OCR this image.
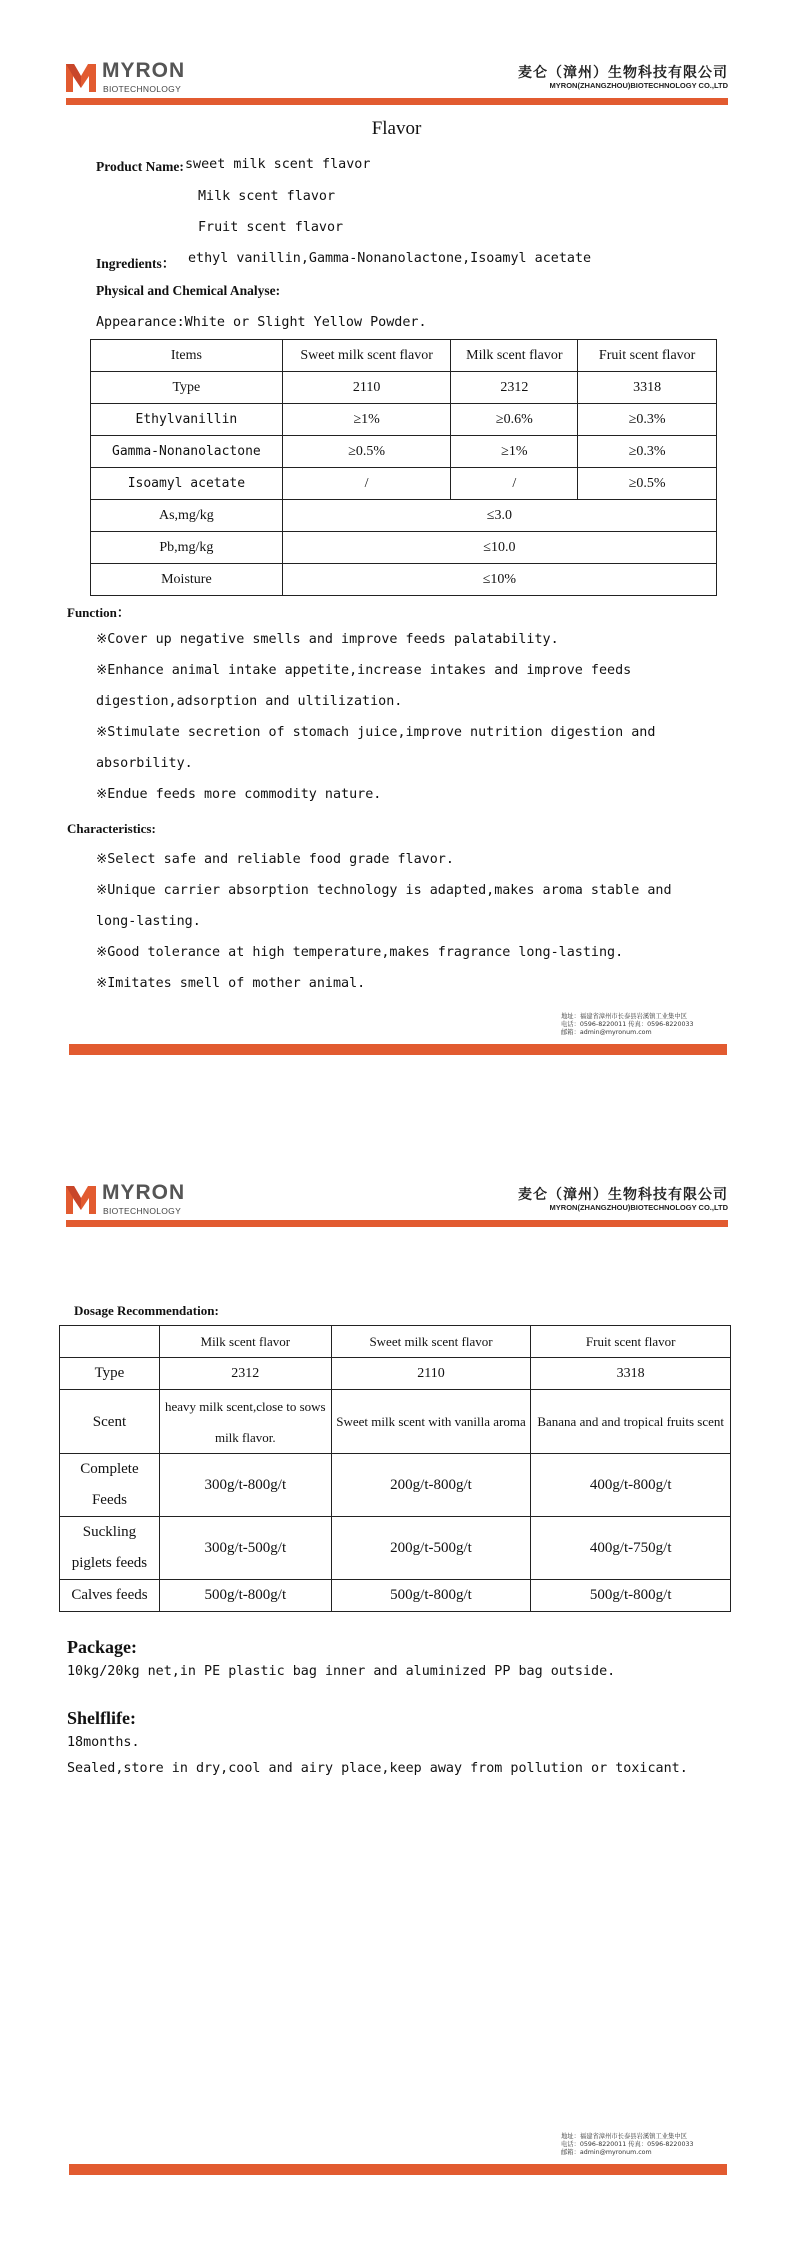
MYRON
BIOTECHNOLOGY
麦仑（漳州）生物科技有限公司
MYRON(ZHANGZHOU)BIOTECHNOLOGY CO.,LTD
Flavor
Product Name: sweet milk scent flavor
Milk scent flavor
Fruit scent flavor
Ingredients： ethyl vanillin,Gamma-Nonanolactone,Isoamyl acetate
Physical and Chemical Analyse:
Appearance:White or Slight Yellow Powder.
Items	Sweet milk scent flavor	Milk scent flavor	Fruit scent flavor
Type	2110	2312	3318
Ethylvanillin	≥1%	≥0.6%	≥0.3%
Gamma-Nonanolactone	≥0.5%	≥1%	≥0.3%
Isoamyl acetate	/	/	≥0.5%
As,mg/kg	≤3.0		
Pb,mg/kg	≤10.0		
Moisture	≤10%		
Function：
※Cover up negative smells and improve feeds palatability.
※Enhance animal intake appetite,increase intakes and improve feeds
digestion,adsorption and ultilization.
※Stimulate secretion of stomach juice,improve nutrition digestion and
absorbility.
※Endue feeds more commodity nature.
Characteristics:
※Select safe and reliable food grade flavor.
※Unique carrier absorption technology is adapted,makes aroma stable and
long-lasting.
※Good tolerance at high temperature,makes fragrance long-lasting.
※Imitates smell of mother animal.
地址：福建省漳州市长泰县岩溪镇工业集中区
电话：0596-8220011 传真：0596-8220033
邮箱：admin@myronum.com
MYRON
BIOTECHNOLOGY
麦仑（漳州）生物科技有限公司
MYRON(ZHANGZHOU)BIOTECHNOLOGY CO.,LTD
Dosage Recommendation:
	Milk scent flavor	Sweet milk scent flavor	Fruit scent flavor
Type	2312	2110	3318
Scent	heavy milk scent,close to sows milk flavor.	Sweet milk scent with vanilla aroma	Banana and and tropical fruits scent
Complete Feeds	300g/t-800g/t	200g/t-800g/t	400g/t-800g/t
Suckling piglets feeds	300g/t-500g/t	200g/t-500g/t	400g/t-750g/t
Calves feeds	500g/t-800g/t	500g/t-800g/t	500g/t-800g/t
Package:
10kg/20kg net,in PE plastic bag inner and aluminized PP bag outside.
Shelflife:
18months.
Sealed,store in dry,cool and airy place,keep away from pollution or toxicant.
地址：福建省漳州市长泰县岩溪镇工业集中区
电话：0596-8220011 传真：0596-8220033
邮箱：admin@myronum.com
